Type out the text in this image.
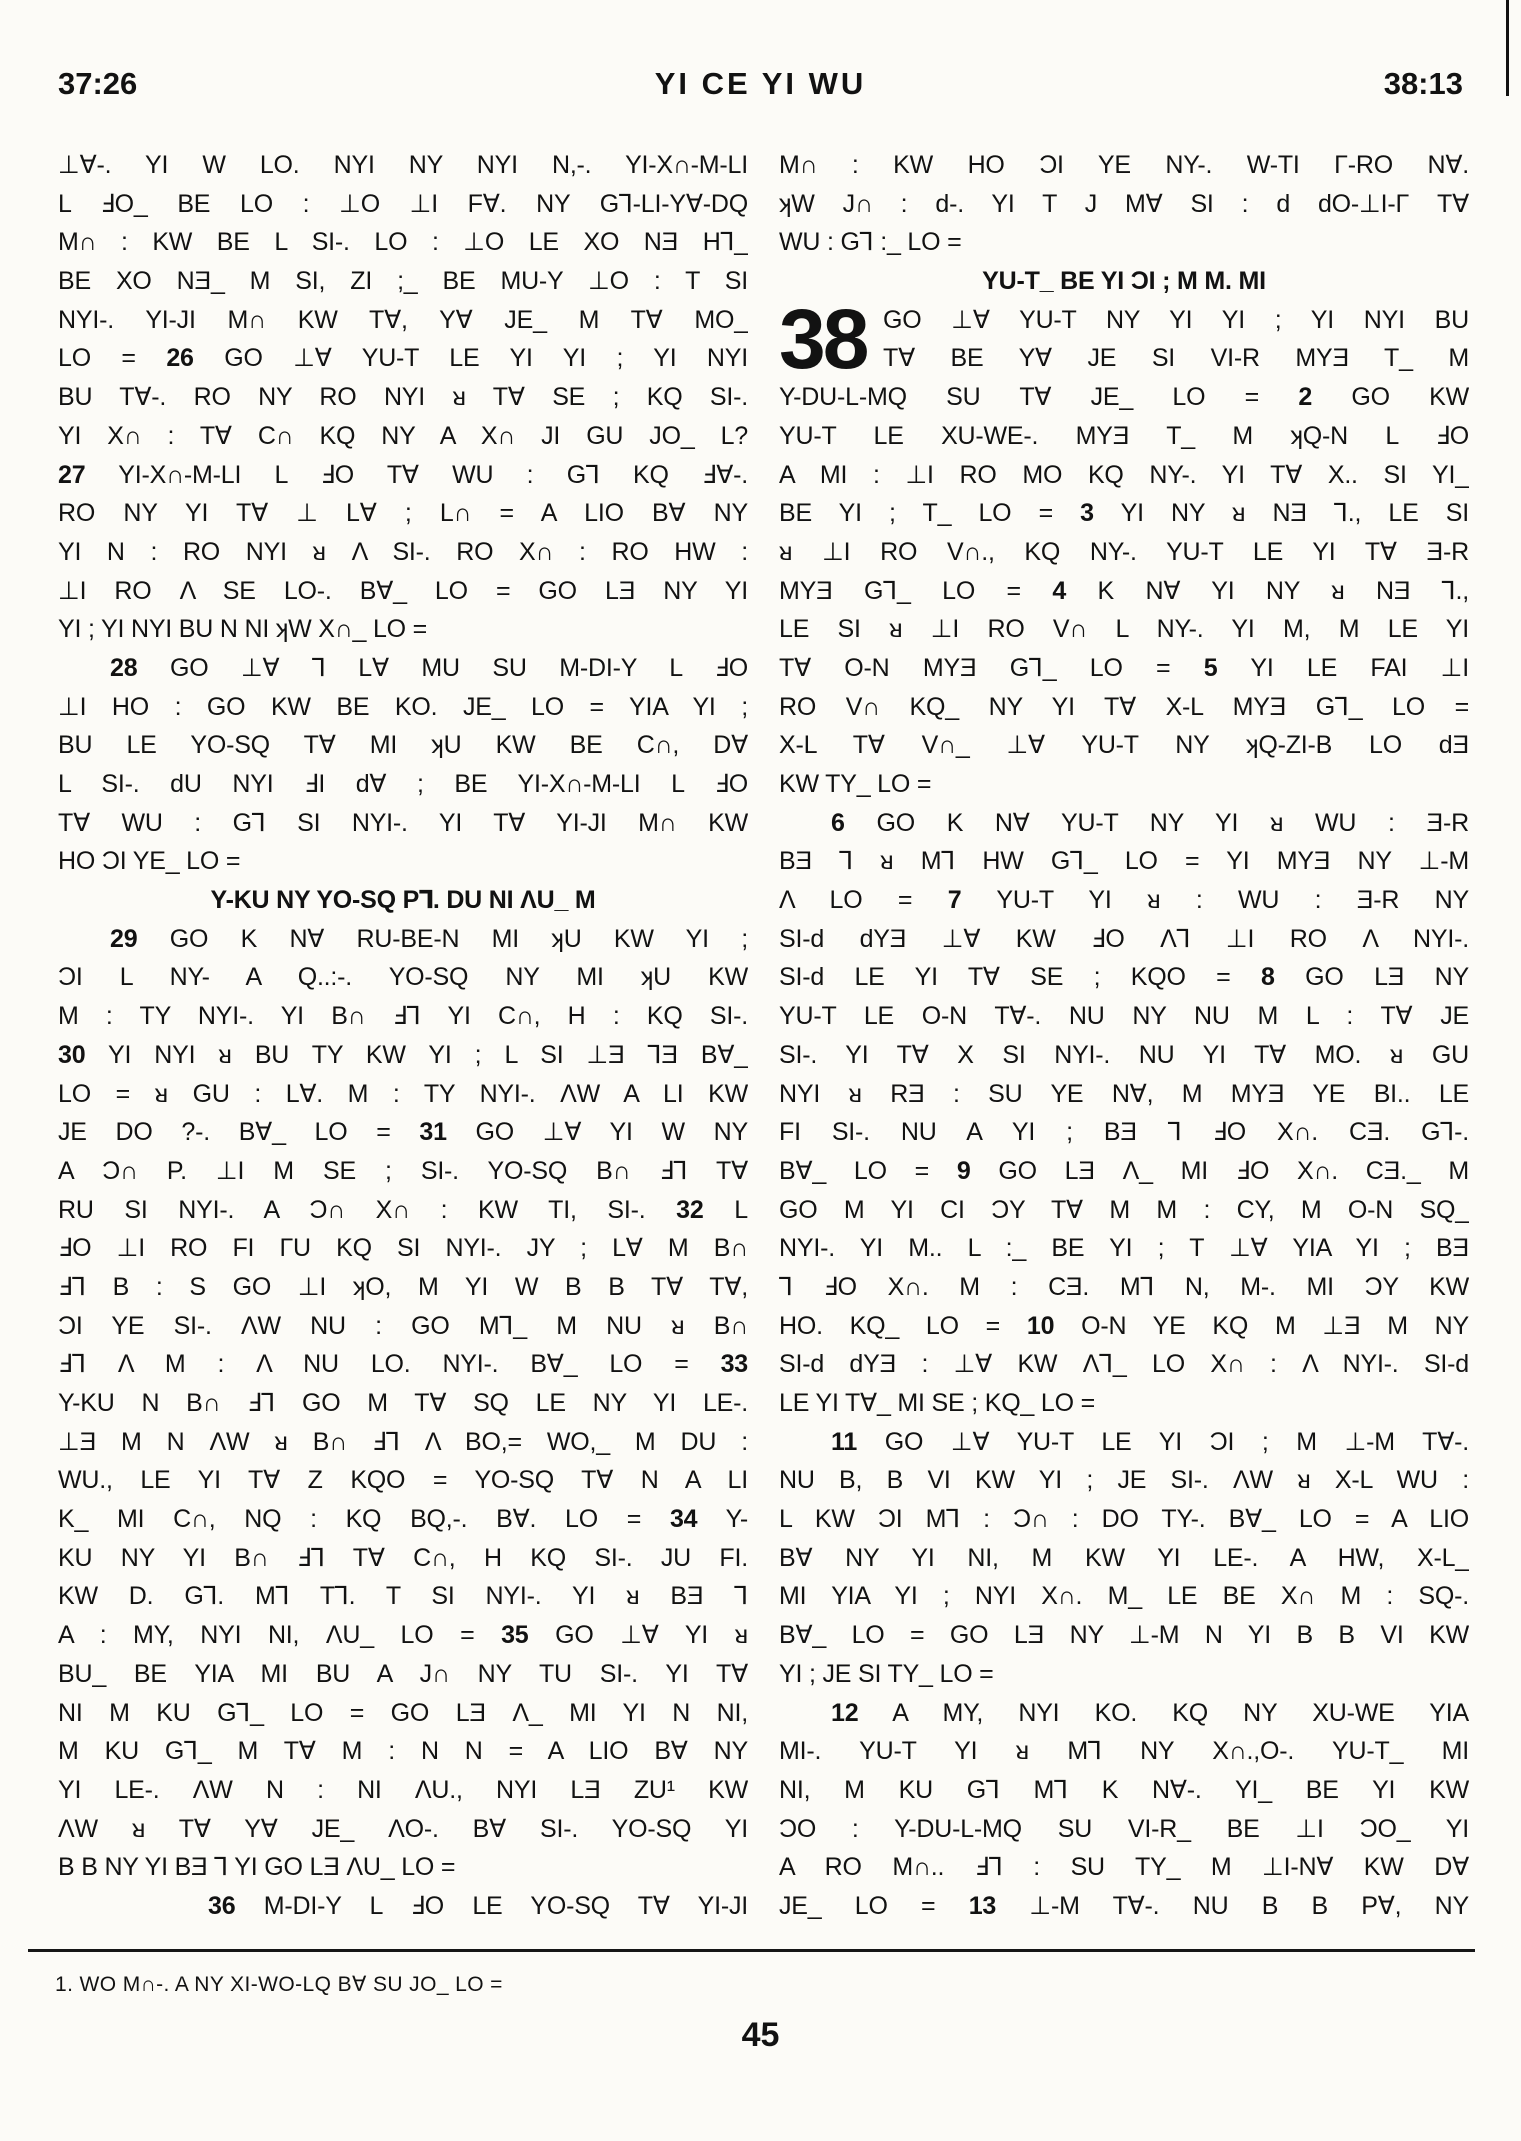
37:26	YI CE YI WU	38:13
⊥∀-. YI W LO. NYI NY NYI N,-. YI-X∩-M-LI
L ℲO_ BE LO : ⊥O ⊥I F∀. NY G⅂-LI-Y∀-DQ
M∩ : KW BE L SI-. LO : ⊥O LE XO NƎ H⅂_
BE XO NƎ_ M SI, ZI ;_ BE MU-Y ⊥O : T SI
NYI-. YI-JI M∩ KW T∀, Y∀ JE_ M T∀ MO_
LO = 26 GO ⊥∀ YU-T LE YI YI ; YI NYI
BU T∀-. RO NY RO NYI ᴚ T∀ SE ; KQ SI-.
YI X∩ : T∀ C∩ KQ NY A X∩ JI GU JO_ L?
27 YI-X∩-M-LI L ℲO T∀ WU : G⅂ KQ Ⅎ∀-.
RO NY YI T∀ ⊥ L∀ ; L∩ = A LIO B∀ NY
YI N : RO NYI ᴚ Λ SI-. RO X∩ : RO HW :
⊥I RO Λ SE LO-. B∀_ LO = GO LƎ NY YI
YI ; YI NYI BU N NI ʞW X∩_ LO =
28 GO ⊥∀ ⅂ L∀ MU SU M-DI-Y L ℲO
⊥I HO : GO KW BE KO. JE_ LO = YIA YI ;
BU LE YO-SQ T∀ MI ʞU KW BE C∩, D∀
L SI-. dU NYI ℲI d∀ ; BE YI-X∩-M-LI L ℲO
T∀ WU : G⅂ SI NYI-. YI T∀ YI-JI M∩ KW
HO ƆI YE_ LO =
Y-KU NY YO-SQ P⅂. DU NI ΛU_ M
29 GO K N∀ RU-BE-N MI ʞU KW YI ;
ƆI L NY- A Q..:-. YO-SQ NY MI ʞU KW
M : TY NYI-. YI B∩ Ⅎ⅂ YI C∩, H : KQ SI-.
30 YI NYI ᴚ BU TY KW YI ; L SI ⊥Ǝ ⅂Ǝ B∀_
LO = ᴚ GU : L∀. M : TY NYI-. ΛW A LI KW
JE DO ?-. B∀_ LO = 31 GO ⊥∀ YI W NY
A Ɔ∩ P. ⊥I M SE ; SI-. YO-SQ B∩ Ⅎ⅂ T∀
RU SI NYI-. A Ɔ∩ X∩ : KW TI, SI-. 32 L
ℲO ⊥I RO FI ΓU KQ SI NYI-. JY ; L∀ M B∩
Ⅎ⅂ B : S GO ⊥I ʞO, M YI W B B T∀ T∀,
ƆI YE SI-. ΛW NU : GO M⅂_ M NU ᴚ B∩
Ⅎ⅂ Λ M : Λ NU LO. NYI-. B∀_ LO = 33
Y-KU N B∩ Ⅎ⅂ GO M T∀ SQ LE NY YI LE-.
⊥Ǝ M N ΛW ᴚ B∩ Ⅎ⅂ Λ BO,= WO,_ M DU :
WU., LE YI T∀ Z KQO = YO-SQ T∀ N A LI
K_ MI C∩, NQ : KQ BQ,-. B∀. LO = 34 Y-
KU NY YI B∩ Ⅎ⅂ T∀ C∩, H KQ SI-. JU FI.
KW D. G⅂. M⅂ T⅂. T SI NYI-. YI ᴚ BƎ ⅂
A : MY, NYI NI, ΛU_ LO = 35 GO ⊥∀ YI ᴚ
BU_ BE YIA MI BU A J∩ NY TU SI-. YI T∀
NI M KU G⅂_ LO = GO LƎ Λ_ MI YI N NI,
M KU G⅂_ M T∀ M : N N = A LIO B∀ NY
YI LE-. ΛW N : NI ΛU., NYI LƎ ZU¹ KW
ΛW ᴚ T∀ Y∀ JE_ ΛO-. B∀ SI-. YO-SQ YI
B B NY YI BƎ ⅂ YI GO LƎ ΛU_ LO =
36 M-DI-Y L ℲO LE YO-SQ T∀ YI-JI
M∩ : KW HO ƆI YE NY-. W-TI Γ-RO N∀.
ʞW J∩ : d-. YI T J M∀ SI : d dO-⊥I-Γ T∀
WU : G⅂ :_ LO =
YU-T_ BE YI ƆI ; M M. MI
38 GO ⊥∀ YU-T NY YI YI ; YI NYI BU
T∀ BE Y∀ JE SI VI-R MYƎ T_ M
Y-DU-L-MQ SU T∀ JE_ LO = 2 GO KW
YU-T LE XU-WE-. MYƎ T_ M ʞQ-N L ℲO
A MI : ⊥I RO MO KQ NY-. YI T∀ X.. SI YI_
BE YI ; T_ LO = 3 YI NY ᴚ NƎ ⅂., LE SI
ᴚ ⊥I RO V∩., KQ NY-. YU-T LE YI T∀ Ǝ-R
MYƎ G⅂_ LO = 4 K N∀ YI NY ᴚ NƎ ⅂.,
LE SI ᴚ ⊥I RO V∩ L NY-. YI M, M LE YI
T∀ O-N MYƎ G⅂_ LO = 5 YI LE FAI ⊥I
RO V∩ KQ_ NY YI T∀ X-L MYƎ G⅂_ LO =
X-L T∀ V∩_ ⊥∀ YU-T NY ʞQ-ZI-B LO dƎ
KW TY_ LO =
6 GO K N∀ YU-T NY YI ᴚ WU : Ǝ-R
BƎ ⅂ ᴚ M⅂ HW G⅂_ LO = YI MYƎ NY ⊥-M
Λ LO = 7 YU-T YI ᴚ : WU : Ǝ-R NY
SI-d dYƎ ⊥∀ KW ℲO Λ⅂ ⊥I RO Λ NYI-.
SI-d LE YI T∀ SE ; KQO = 8 GO LƎ NY
YU-T LE O-N T∀-. NU NY NU M L : T∀ JE
SI-. YI T∀ X SI NYI-. NU YI T∀ MO. ᴚ GU
NYI ᴚ RƎ : SU YE N∀, M MYƎ YE BI.. LE
FI SI-. NU A YI ; BƎ ⅂ ℲO X∩. CƎ. G⅂-.
B∀_ LO = 9 GO LƎ Λ_ MI ℲO X∩. CƎ._ M
GO M YI CI ƆY T∀ M M : CY, M O-N SQ_
NYI-. YI M.. L :_ BE YI ; T ⊥∀ YIA YI ; BƎ
⅂ ℲO X∩. M : CƎ. M⅂ N, M-. MI ƆY KW
HO. KQ_ LO = 10 O-N YE KQ M ⊥Ǝ M NY
SI-d dYƎ : ⊥∀ KW Λ⅂_ LO X∩ : Λ NYI-. SI-d
LE YI T∀_ MI SE ; KQ_ LO =
11 GO ⊥∀ YU-T LE YI ƆI ; M ⊥-M T∀-.
NU B, B VI KW YI ; JE SI-. ΛW ᴚ X-L WU :
L KW ƆI M⅂ : Ɔ∩ : DO TY-. B∀_ LO = A LIO
B∀ NY YI NI, M KW YI LE-. A HW, X-L_
MI YIA YI ; NYI X∩. M_ LE BE X∩ M : SQ-.
B∀_ LO = GO LƎ NY ⊥-M N YI B B VI KW
YI ; JE SI TY_ LO =
12 A MY, NYI KO. KQ NY XU-WE YIA
MI-. YU-T YI ᴚ M⅂ NY X∩.,O-. YU-T_ MI
NI, M KU G⅂ M⅂ K N∀-. YI_ BE YI KW
ƆO : Y-DU-L-MQ SU VI-R_ BE ⊥I ƆO_ YI
A RO M∩.. Ⅎ⅂ : SU TY_ M ⊥I-N∀ KW D∀
JE_ LO = 13 ⊥-M T∀-. NU B B P∀, NY
1. WO M∩-. A NY XI-WO-LQ B∀ SU JO_ LO =
45
